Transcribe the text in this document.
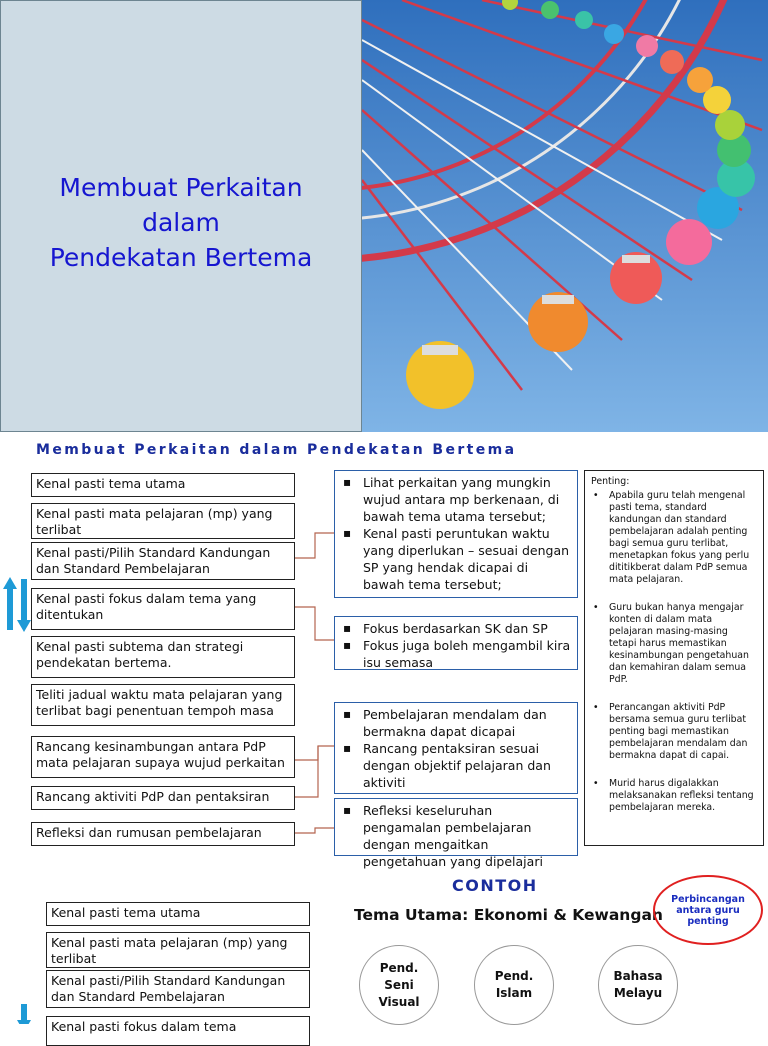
Membuat Perkaitan
dalam
Pendekatan Bertema
Membuat Perkaitan dalam Pendekatan Bertema
Kenal pasti tema utama
Kenal pasti mata pelajaran (mp) yang terlibat
Kenal pasti/Pilih Standard Kandungan dan Standard Pembelajaran
Kenal pasti fokus dalam tema yang ditentukan
Kenal pasti subtema dan strategi pendekatan bertema.
Teliti jadual waktu mata pelajaran yang terlibat bagi penentuan tempoh masa
Rancang kesinambungan antara PdP mata pelajaran supaya wujud perkaitan
Rancang aktiviti PdP dan pentaksiran
Refleksi dan rumusan pembelajaran
▪ Lihat perkaitan yang mungkin wujud antara mp berkenaan, di bawah tema utama tersebut;
▪ Kenal pasti peruntukan waktu yang diperlukan – sesuai dengan SP yang hendak dicapai di bawah tema tersebut;
▪ Fokus berdasarkan SK dan SP
▪ Fokus juga boleh mengambil kira isu semasa
▪ Pembelajaran mendalam dan bermakna dapat dicapai
▪ Rancang pentaksiran sesuai dengan objektif pelajaran dan aktiviti
▪ Refleksi keseluruhan pengamalan pembelajaran dengan mengaitkan pengetahuan yang dipelajari
Penting:
• Apabila guru telah mengenal pasti tema, standard kandungan dan standard pembelajaran adalah penting bagi semua guru terlibat, menetapkan fokus yang perlu dititikberat dalam PdP semua mata pelajaran.
• Guru bukan hanya mengajar konten di dalam mata pelajaran masing-masing tetapi harus memastikan kesinambungan pengetahuan dan kemahiran dalam semua PdP.
• Perancangan aktiviti PdP bersama semua guru terlibat penting bagi memastikan pembelajaran mendalam dan bermakna dapat di capai.
• Murid harus digalakkan melaksanakan refleksi tentang pembelajaran mereka.
CONTOH
Tema Utama: Ekonomi & Kewangan
Perbincangan antara guru penting
Kenal pasti tema utama
Kenal pasti mata pelajaran (mp) yang terlibat
Kenal pasti/Pilih Standard Kandungan dan Standard Pembelajaran
Kenal pasti fokus dalam tema
Pend. Seni Visual
Pend. Islam
Bahasa Melayu
